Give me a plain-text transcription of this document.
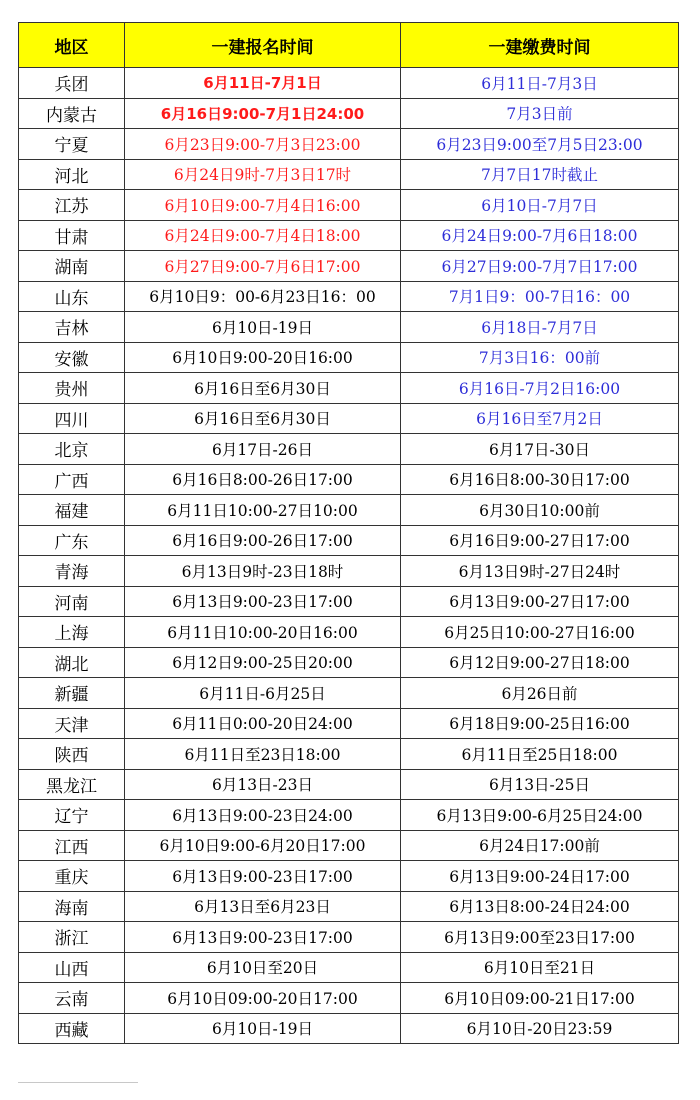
地区	一建报名时间	一建缴费时间
兵团	6月11日-7月1日	6月11日-7月3日
内蒙古	6月16日9:00-7月1日24:00	7月3日前
宁夏	6月23日9:00-7月3日23:00	6月23日9:00至7月5日23:00
河北	6月24日9时-7月3日17时	7月7日17时截止
江苏	6月10日9:00-7月4日16:00	6月10日-7月7日
甘肃	6月24日9:00-7月4日18:00	6月24日9:00-7月6日18:00
湖南	6月27日9:00-7月6日17:00	6月27日9:00-7月7日17:00
山东	6月10日9：00-6月23日16：00	7月1日9：00-7日16：00
吉林	6月10日-19日	6月18日-7月7日
安徽	6月10日9:00-20日16:00	7月3日16：00前
贵州	6月16日至6月30日	6月16日-7月2日16:00
四川	6月16日至6月30日	6月16日至7月2日
北京	6月17日-26日	6月17日-30日
广西	6月16日8:00-26日17:00	6月16日8:00-30日17:00
福建	6月11日10:00-27日10:00	6月30日10:00前
广东	6月16日9:00-26日17:00	6月16日9:00-27日17:00
青海	6月13日9时-23日18时	6月13日9时-27日24时
河南	6月13日9:00-23日17:00	6月13日9:00-27日17:00
上海	6月11日10:00-20日16:00	6月25日10:00-27日16:00
湖北	6月12日9:00-25日20:00	6月12日9:00-27日18:00
新疆	6月11日-6月25日	6月26日前
天津	6月11日0:00-20日24:00	6月18日9:00-25日16:00
陕西	6月11日至23日18:00	6月11日至25日18:00
黑龙江	6月13日-23日	6月13日-25日
辽宁	6月13日9:00-23日24:00	6月13日9:00-6月25日24:00
江西	6月10日9:00-6月20日17:00	6月24日17:00前
重庆	6月13日9:00-23日17:00	6月13日9:00-24日17:00
海南	6月13日至6月23日	6月13日8:00-24日24:00
浙江	6月13日9:00-23日17:00	6月13日9:00至23日17:00
山西	6月10日至20日	6月10日至21日
云南	6月10日09:00-20日17:00	6月10日09:00-21日17:00
西藏	6月10日-19日	6月10日-20日23:59
